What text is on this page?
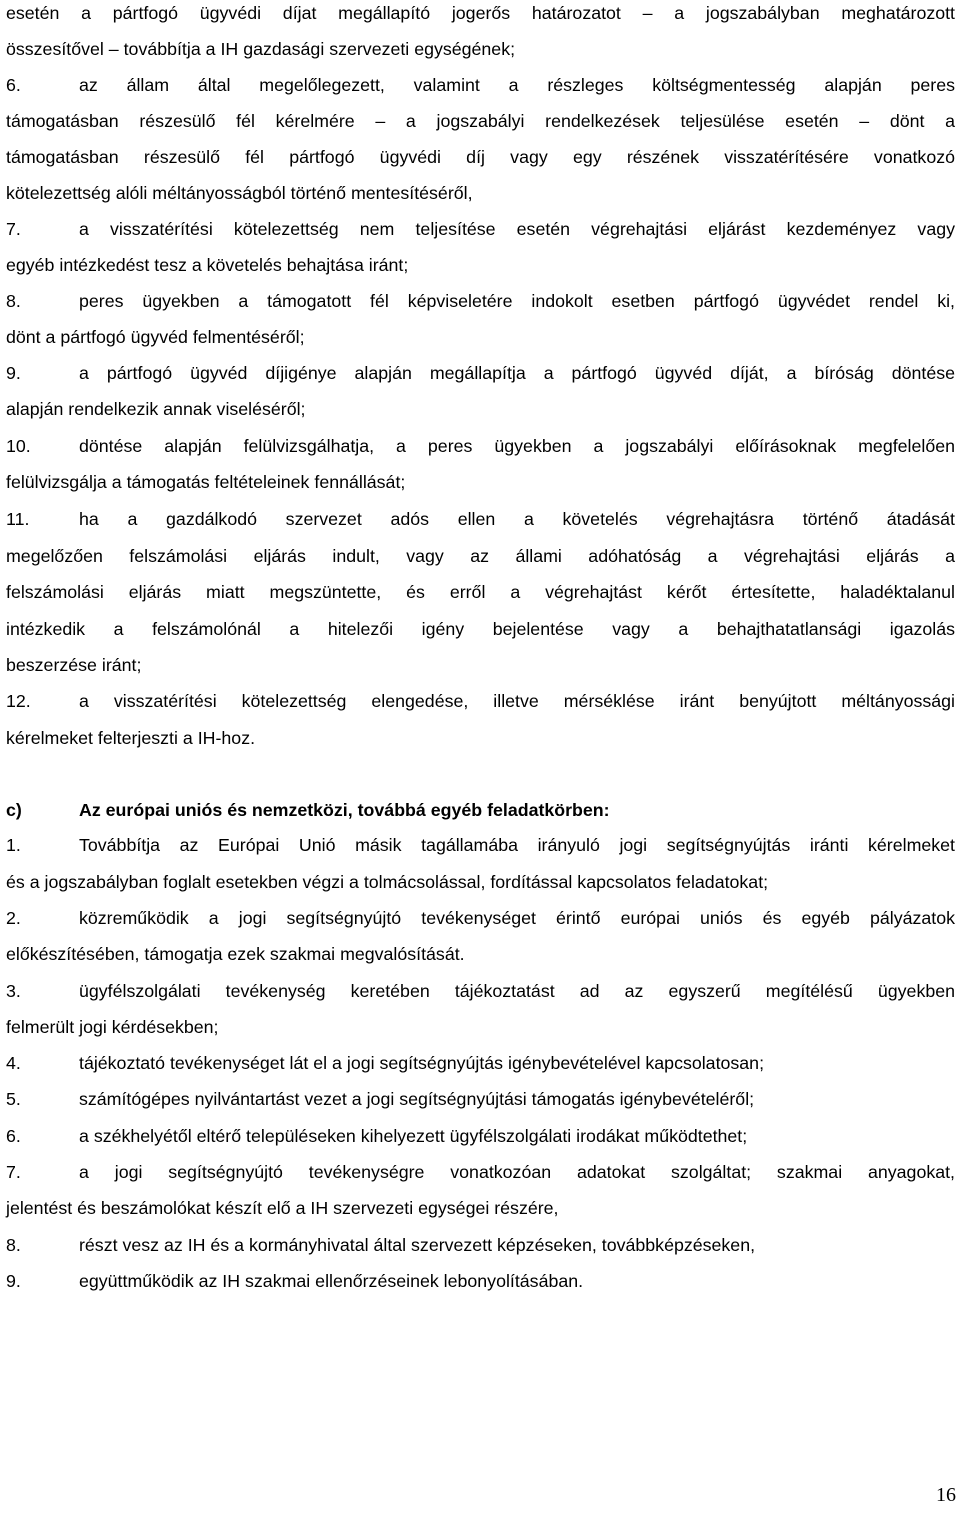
esetén a pártfogó ügyvédi díjat megállapító jogerős határozatot – a jogszabályban meghatározott
összesítővel – továbbítja a IH gazdasági szervezeti egységének;
6.	az állam által megelőlegezett, valamint a részleges költségmentesség alapján peres
támogatásban részesülő fél kérelmére – a jogszabályi rendelkezések teljesülése esetén – dönt a
támogatásban részesülő fél pártfogó ügyvédi díj vagy egy részének visszatérítésére vonatkozó
kötelezettség alóli méltányosságból történő mentesítéséről,
7.	a visszatérítési kötelezettség nem teljesítése esetén végrehajtási eljárást kezdeményez vagy
egyéb intézkedést tesz a követelés behajtása iránt;
8.	peres ügyekben a támogatott fél képviseletére indokolt esetben pártfogó ügyvédet rendel ki,
dönt a pártfogó ügyvéd felmentéséről;
9.	a pártfogó ügyvéd díjigénye alapján megállapítja a pártfogó ügyvéd díját, a bíróság döntése
alapján rendelkezik annak viseléséről;
10.	döntése alapján felülvizsgálhatja, a peres ügyekben a jogszabályi előírásoknak megfelelően
felülvizsgálja a támogatás feltételeinek fennállását;
11.	ha a gazdálkodó szervezet adós ellen a követelés végrehajtásra történő átadását
megelőzően felszámolási eljárás indult, vagy az állami adóhatóság a végrehajtási eljárás a
felszámolási eljárás miatt megszüntette, és erről a végrehajtást kérőt értesítette, haladéktalanul
intézkedik a felszámolónál a hitelezői igény bejelentése vagy a behajthatatlansági igazolás
beszerzése iránt;
12.	a visszatérítési kötelezettség elengedése, illetve mérséklése iránt benyújtott méltányossági
kérelmeket felterjeszti a IH-hoz.
c)	Az európai uniós és nemzetközi, továbbá egyéb feladatkörben:
1.	Továbbítja az Európai Unió másik tagállamába irányuló jogi segítségnyújtás iránti kérelmeket
és a jogszabályban foglalt esetekben végzi a tolmácsolással, fordítással kapcsolatos feladatokat;
2.	közreműködik a jogi segítségnyújtó tevékenységet érintő európai uniós és egyéb pályázatok
előkészítésében, támogatja ezek szakmai megvalósítását.
3.	ügyfélszolgálati tevékenység keretében tájékoztatást ad az egyszerű megítélésű ügyekben
felmerült jogi kérdésekben;
4.	tájékoztató tevékenységet lát el a jogi segítségnyújtás igénybevételével kapcsolatosan;
5.	számítógépes nyilvántartást vezet a jogi segítségnyújtási támogatás igénybevételéről;
6.	a székhelyétől eltérő településeken kihelyezett ügyfélszolgálati irodákat működtethet;
7.	a jogi segítségnyújtó tevékenységre vonatkozóan adatokat szolgáltat; szakmai anyagokat,
jelentést és beszámolókat készít elő a IH szervezeti egységei részére,
8.	részt vesz az IH és a kormányhivatal által szervezett képzéseken, továbbképzéseken,
9.	együttműködik az IH szakmai ellenőrzéseinek lebonyolításában.
16
